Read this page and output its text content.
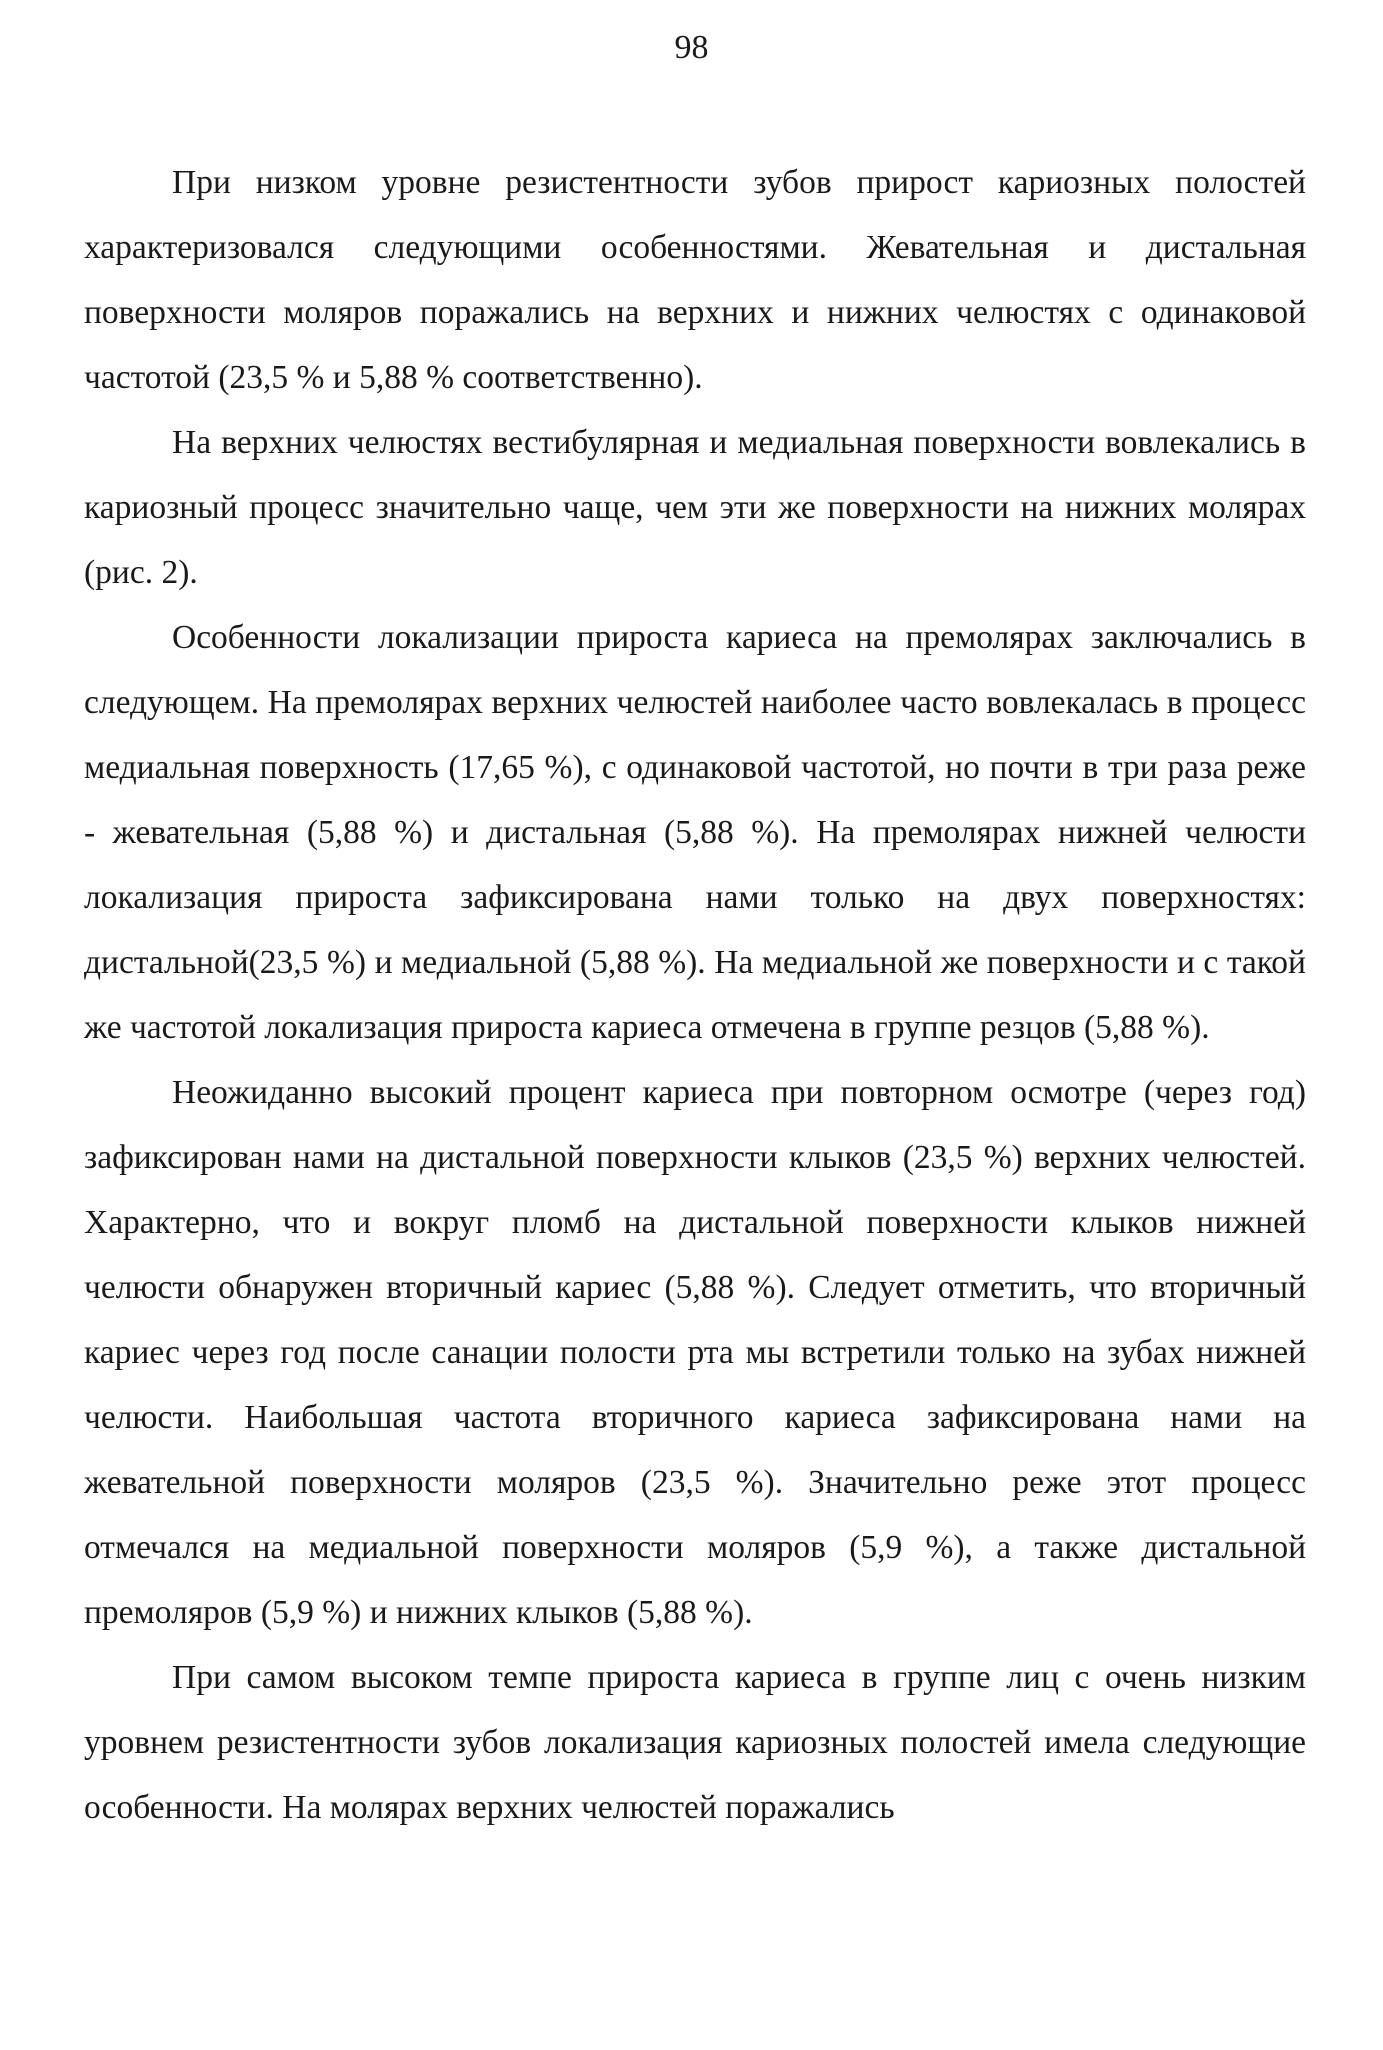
98

При низком уровне резистентности зубов прирост кариозных полостей характеризовался следующими особенностями. Жевательная и дистальная поверхности моляров поражались на верхних и нижних челюстях с одинаковой частотой (23,5 % и 5,88 % соответственно).

На верхних челюстях вестибулярная и медиальная поверхности вовлекались в кариозный процесс значительно чаще, чем эти же поверхности на нижних молярах (рис. 2).

Особенности локализации прироста кариеса на премолярах заключались в следующем. На премолярах верхних челюстей наиболее часто вовлекалась в процесс медиальная поверхность (17,65 %), с одинаковой частотой, но почти в три раза реже - жевательная (5,88 %) и дистальная (5,88 %). На премолярах нижней челюсти локализация прироста зафиксирована нами только на двух поверхностях: дистальной(23,5 %) и медиальной (5,88 %). На медиальной же поверхности и с такой же частотой локализация прироста кариеса отмечена в группе резцов (5,88 %).

Неожиданно высокий процент кариеса при повторном осмотре (через год) зафиксирован нами на дистальной поверхности клыков (23,5 %) верхних челюстей. Характерно, что и вокруг пломб на дистальной поверхности клыков нижней челюсти обнаружен вторичный кариес (5,88 %). Следует отметить, что вторичный кариес через год после санации полости рта мы встретили только на зубах нижней челюсти. Наибольшая частота вторичного кариеса зафиксирована нами на жевательной поверхности моляров (23,5 %). Значительно реже этот процесс отмечался на медиальной поверхности моляров (5,9 %), а также дистальной премоляров (5,9 %) и нижних клыков (5,88 %).

При самом высоком темпе прироста кариеса в группе лиц с очень низким уровнем резистентности зубов локализация кариозных полостей имела следующие особенности. На молярах верхних челюстей поражались
